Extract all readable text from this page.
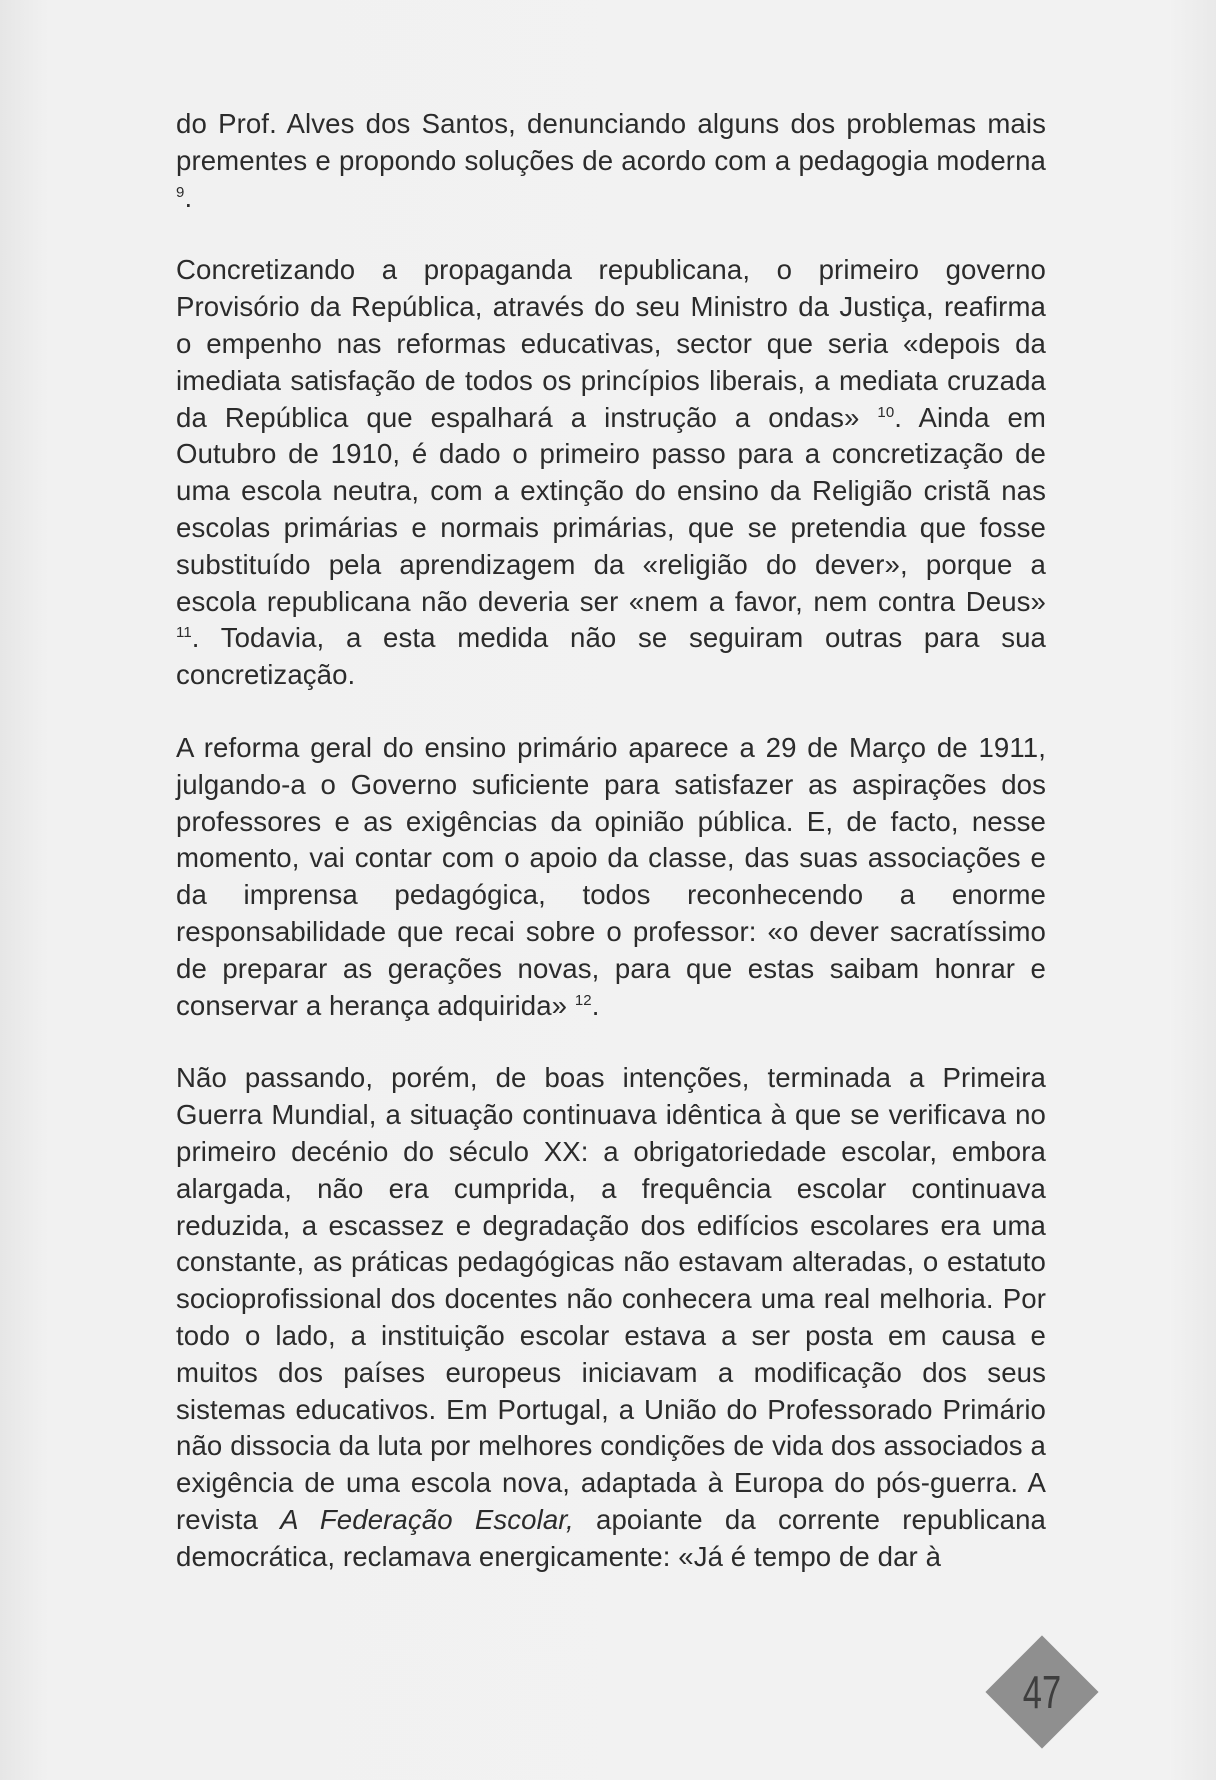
do Prof. Alves dos Santos, denunciando alguns dos problemas mais prementes e propondo soluções de acordo com a pedagogia moderna $^9$.

Concretizando a propaganda republicana, o primeiro governo Provisório da República, através do seu Ministro da Justiça, reafirma o empenho nas reformas educativas, sector que seria «depois da imediata satisfação de todos os princípios liberais, a mediata cruzada da República que espalhará a instrução a ondas» $^{10}$. Ainda em Outubro de 1910, é dado o primeiro passo para a concretização de uma escola neutra, com a extinção do ensino da Religião cristã nas escolas primárias e normais primárias, que se pretendia que fosse substituído pela aprendizagem da «religião do dever», porque a escola republicana não deveria ser «nem a favor, nem contra Deus» $^{11}$. Todavia, a esta medida não se seguiram outras para sua concretização.

A reforma geral do ensino primário aparece a 29 de Março de 1911, julgando-a o Governo suficiente para satisfazer as aspirações dos professores e as exigências da opinião pública. E, de facto, nesse momento, vai contar com o apoio da classe, das suas associações e da imprensa pedagógica, todos reconhecendo a enorme responsabilidade que recai sobre o professor: «o dever sacratíssimo de preparar as gerações novas, para que estas saibam honrar e conservar a herança adquirida» $^{12}$.

Não passando, porém, de boas intenções, terminada a Primeira Guerra Mundial, a situação continuava idêntica à que se verificava no primeiro decénio do século XX: a obrigatoriedade escolar, embora alargada, não era cumprida, a frequência escolar continuava reduzida, a escassez e degradação dos edifícios escolares era uma constante, as práticas pedagógicas não estavam alteradas, o estatuto socioprofissional dos docentes não conhecera uma real melhoria. Por todo o lado, a instituição escolar estava a ser posta em causa e muitos dos países europeus iniciavam a modificação dos seus sistemas educativos. Em Portugal, a União do Professorado Primário não dissocia da luta por melhores condições de vida dos associados a exigência de uma escola nova, adaptada à Europa do pós-guerra. A revista A Federação Escolar, apoiante da corrente republicana democrática, reclamava energicamente: «Já é tempo de dar à

47
